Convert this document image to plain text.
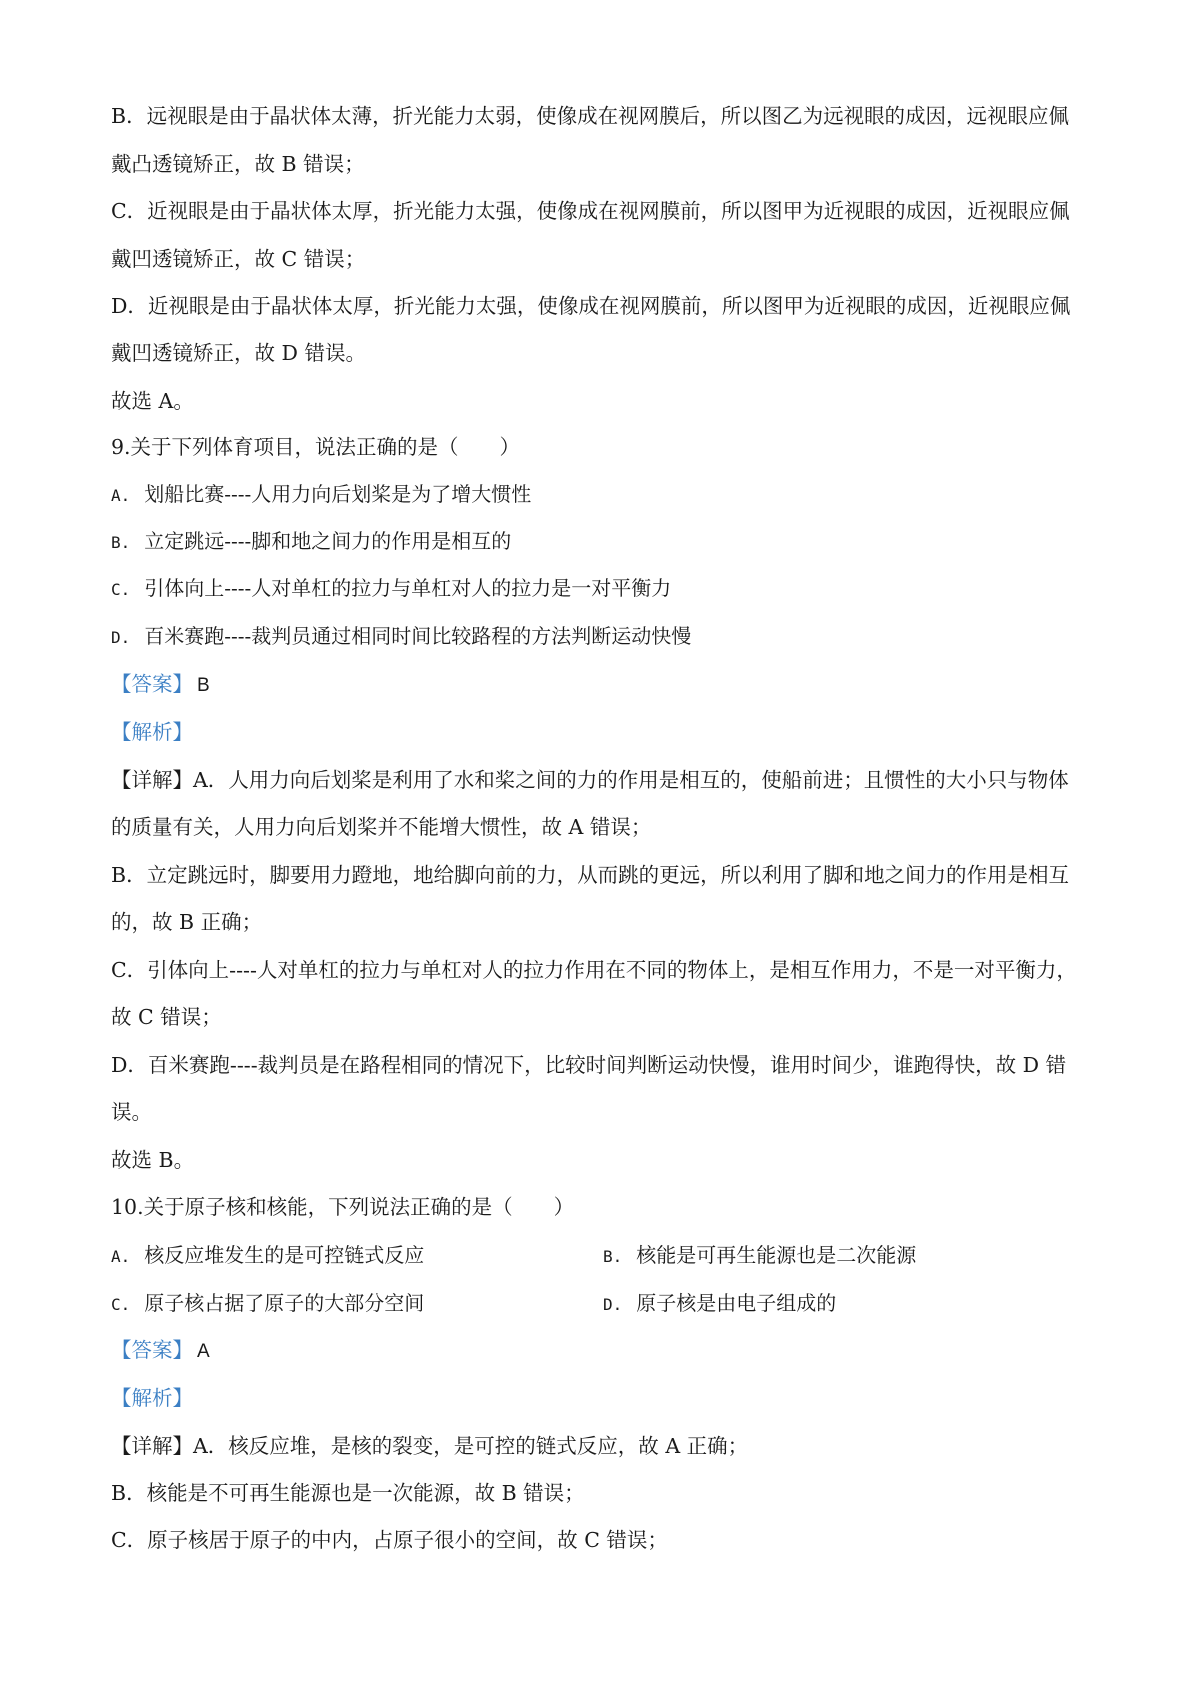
B．远视眼是由于晶状体太薄，折光能力太弱，使像成在视网膜后，所以图乙为远视眼的成因，远视眼应佩
戴凸透镜矫正，故 B 错误；
C．近视眼是由于晶状体太厚，折光能力太强，使像成在视网膜前，所以图甲为近视眼的成因，近视眼应佩
戴凹透镜矫正，故 C 错误；
D．近视眼是由于晶状体太厚，折光能力太强，使像成在视网膜前，所以图甲为近视眼的成因，近视眼应佩
戴凹透镜矫正，故 D 错误。
故选 A。
9.关于下列体育项目，说法正确的是（　　）
A. 划船比赛----人用力向后划桨是为了增大惯性
B. 立定跳远----脚和地之间力的作用是相互的
C. 引体向上----人对单杠的拉力与单杠对人的拉力是一对平衡力
D. 百米赛跑----裁判员通过相同时间比较路程的方法判断运动快慢
【答案】 B
【解析】
【详解】A．人用力向后划桨是利用了水和桨之间的力的作用是相互的，使船前进；且惯性的大小只与物体
的质量有关，人用力向后划桨并不能增大惯性，故 A 错误；
B．立定跳远时，脚要用力蹬地，地给脚向前的力，从而跳的更远，所以利用了脚和地之间力的作用是相互
的，故 B 正确；
C．引体向上----人对单杠的拉力与单杠对人的拉力作用在不同的物体上，是相互作用力，不是一对平衡力，
故 C 错误；
D．百米赛跑----裁判员是在路程相同的情况下，比较时间判断运动快慢，谁用时间少，谁跑得快，故 D 错
误。
故选 B。
10.关于原子核和核能，下列说法正确的是（　　）
A. 核反应堆发生的是可控链式反应	B. 核能是可再生能源也是二次能源
C. 原子核占据了原子的大部分空间	D. 原子核是由电子组成的
【答案】 A
【解析】
【详解】A．核反应堆，是核的裂变，是可控的链式反应，故 A 正确；
B．核能是不可再生能源也是一次能源，故 B 错误；
C．原子核居于原子的中内，占原子很小的空间，故 C 错误；
